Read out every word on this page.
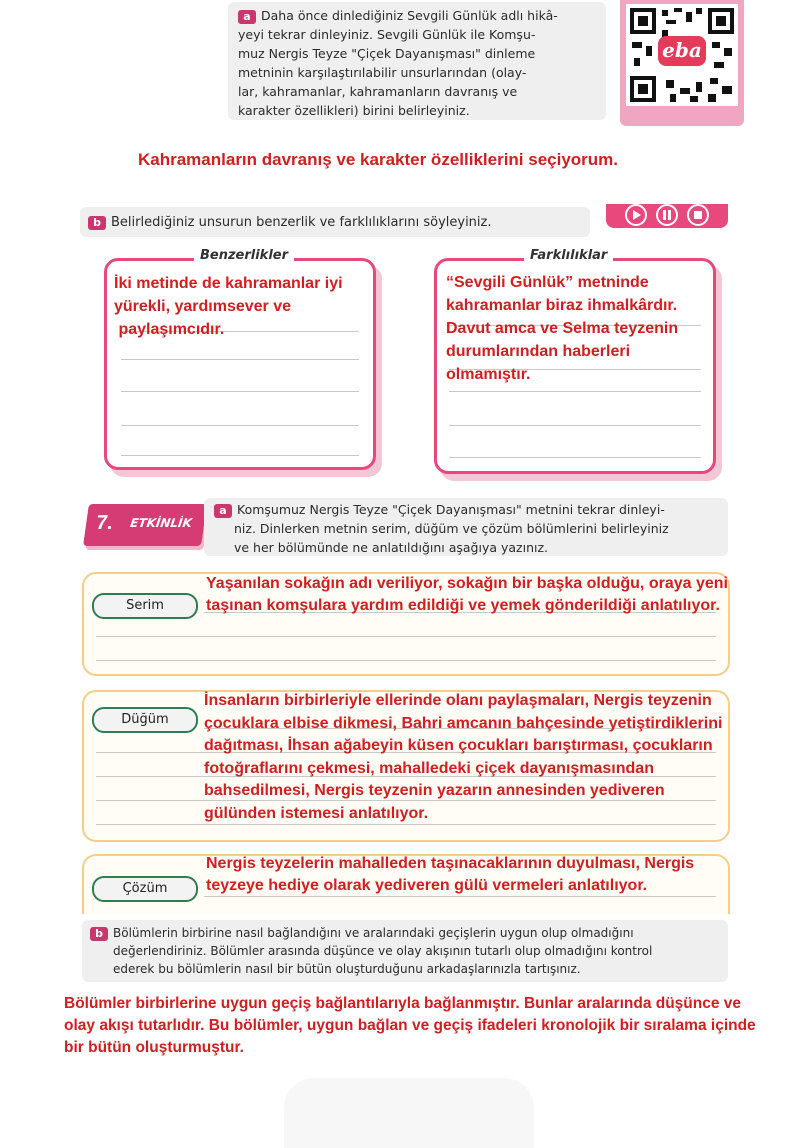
a Daha önce dinlediğiniz Sevgili Günlük adlı hikâ-
yeyi tekrar dinleyiniz. Sevgili Günlük ile Komşu-
muz Nergis Teyze "Çiçek Dayanışması" dinleme
metninin karşılaştırılabilir unsurlarından (olay-
lar, kahramanlar, kahramanların davranış ve
karakter özellikleri) birini belirleyiniz.
eba
Kahramanların davranış ve karakter özelliklerini seçiyorum.
b Belirlediğiniz unsurun benzerlik ve farklılıklarını söyleyiniz.

Benzerlikler
İki metinde de kahramanlar iyi
yürekli, yardımsever ve
paylaşımcıdır.
Farklılıklar
“Sevgili Günlük” metninde
kahramanlar biraz ihmalkârdır.
Davut amca ve Selma teyzenin
durumlarından haberleri
olmamıştır.
7. ETKİNLİK
a Komşumuz Nergis Teyze "Çiçek Dayanışması" metnini tekrar dinleyi-
niz. Dinlerken metnin serim, düğüm ve çözüm bölümlerini belirleyiniz
ve her bölümünde ne anlatıldığını aşağıya yazınız.
Serim
Yaşanılan sokağın adı veriliyor, sokağın bir başka olduğu, oraya yeni
taşınan komşulara yardım edildiği ve yemek gönderildiği anlatılıyor.
Düğüm
İnsanların birbirleriyle ellerinde olanı paylaşmaları, Nergis teyzenin
çocuklara elbise dikmesi, Bahri amcanın bahçesinde yetiştirdiklerini
dağıtması, İhsan ağabeyin küsen çocukları barıştırması, çocukların
fotoğraflarını çekmesi, mahalledeki çiçek dayanışmasından
bahsedilmesi, Nergis teyzenin yazarın annesinden yediveren
gülünden istemesi anlatılıyor.
Çözüm
Nergis teyzelerin mahalleden taşınacaklarının duyulması, Nergis
teyzeye hediye olarak yediveren gülü vermeleri anlatılıyor.
b Bölümlerin birbirine nasıl bağlandığını ve aralarındaki geçişlerin uygun olup olmadığını
değerlendiriniz. Bölümler arasında düşünce ve olay akışının tutarlı olup olmadığını kontrol
ederek bu bölümlerin nasıl bir bütün oluşturduğunu arkadaşlarınızla tartışınız.
Bölümler birbirlerine uygun geçiş bağlantılarıyla bağlanmıştır. Bunlar aralarında düşünce ve
olay akışı tutarlıdır. Bu bölümler, uygun bağlan ve geçiş ifadeleri kronolojik bir sıralama içinde
bir bütün oluşturmuştur.
